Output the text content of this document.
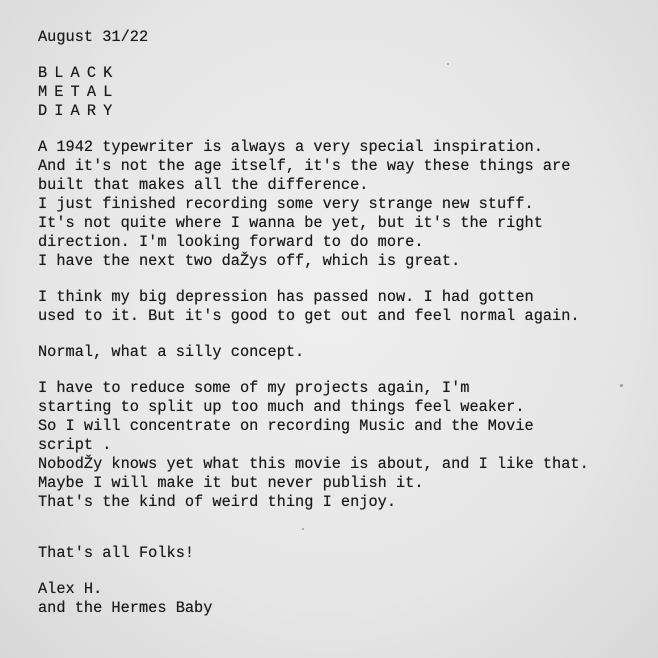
August 31/22

BLACK

METAL

DIARY

A 1942 typewriter is always a very special inspiration.

And it's not the age itself, it's the way these things are

built that makes all the difference.

I just finished recording some very strange new stuff.

It's not quite where I wanna be yet, but it's the right

direction. I'm looking forward to do more.

I have the next two daŽys off, which is great.

I think my big depression has passed now. I had gotten

used to it. But it's good to get out and feel normal again.

Normal, what a silly concept.

I have to reduce some of my projects again, I'm

starting to split up too much and things feel weaker.

So I will concentrate on recording Music and the Movie

script .

NobodŽy knows yet what this movie is about, and I like that.

Maybe I will make it but never publish it.

That's the kind of weird thing I enjoy.

That's all Folks!

Alex H.

and the Hermes Baby
